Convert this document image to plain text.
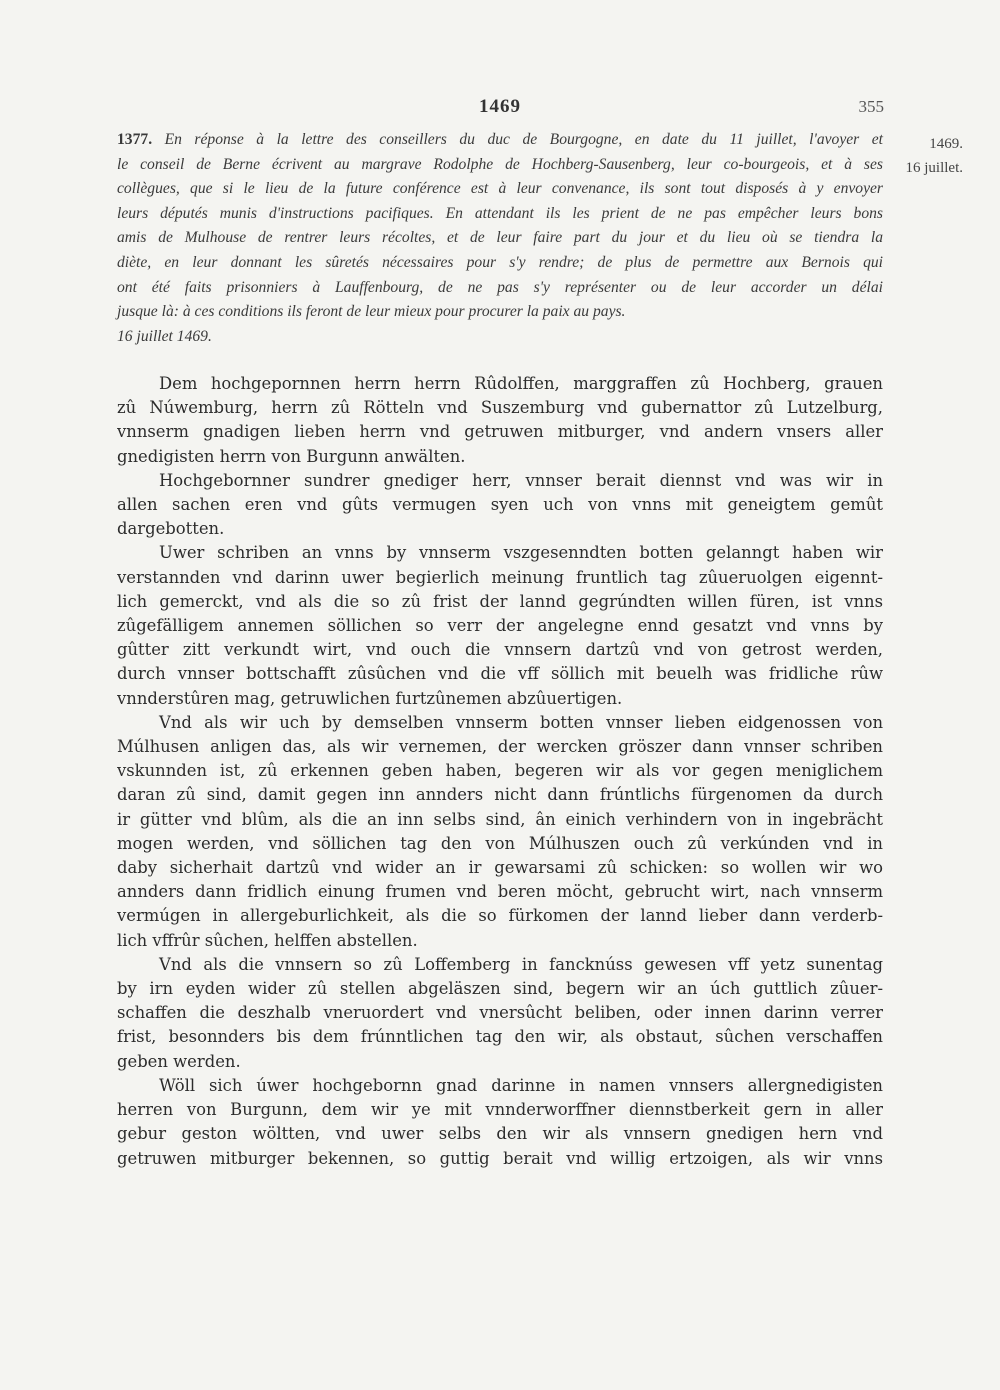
1469	355
1469.
16 juillet.
1377. En réponse à la lettre des conseillers du duc de Bourgogne, en date du 11 juillet, l'avoyer et
le conseil de Berne écrivent au margrave Rodolphe de Hochberg-Sausenberg, leur co-bourgeois, et à ses
collègues, que si le lieu de la future conférence est à leur convenance, ils sont tout disposés à y envoyer
leurs députés munis d'instructions pacifiques. En attendant ils les prient de ne pas empêcher leurs bons
amis de Mulhouse de rentrer leurs récoltes, et de leur faire part du jour et du lieu où se tiendra la
diète, en leur donnant les sûretés nécessaires pour s'y rendre; de plus de permettre aux Bernois qui
ont été faits prisonniers à Lauffenbourg, de ne pas s'y représenter ou de leur accorder un délai
jusque là: à ces conditions ils feront de leur mieux pour procurer la paix au pays.
16 juillet 1469.
Dem hochgepornnen herrn herrn Rûdolffen, marggraffen zû Hochberg, grauen
zû Núwemburg, herrn zû Rötteln vnd Suszemburg vnd gubernattor zû Lutzelburg,
vnnserm gnadigen lieben herrn vnd getruwen mitburger, vnd andern vnsers aller
gnedigisten herrn von Burgunn anwälten.
Hochgebornner sundrer gnediger herr, vnnser berait diennst vnd was wir in
allen sachen eren vnd gûts vermugen syen uch von vnns mit geneigtem gemût
dargebotten.
Uwer schriben an vnns by vnnserm vszgesenndten botten gelanngt haben wir
verstannden vnd darinn uwer begierlich meinung fruntlich tag zûueruolgen eigennt-
lich gemerckt, vnd als die so zû frist der lannd gegrúndten willen füren, ist vnns
zûgefälligem annemen söllichen so verr der angelegne ennd gesatzt vnd vnns by
gûtter zitt verkundt wirt, vnd ouch die vnnsern dartzû vnd von getrost werden,
durch vnnser bottschafft zûsûchen vnd die vff söllich mit beuelh was fridliche rûw
vnnderstûren mag, getruwlichen furtzûnemen abzûuertigen.
Vnd als wir uch by demselben vnnserm botten vnnser lieben eidgenossen von
Múlhusen anligen das, als wir vernemen, der wercken gröszer dann vnnser schriben
vskunnden ist, zû erkennen geben haben, begeren wir als vor gegen meniglichem
daran zû sind, damit gegen inn annders nicht dann frúntlichs fürgenomen da durch
ir gütter vnd blûm, als die an inn selbs sind, ân einich verhindern von in ingebrächt
mogen werden, vnd söllichen tag den von Múlhuszen ouch zû verkúnden vnd in
daby sicherhait dartzû vnd wider an ir gewarsami zû schicken: so wollen wir wo
annders dann fridlich einung frumen vnd beren möcht, gebrucht wirt, nach vnnserm
vermúgen in allergeburlichkeit, als die so fürkomen der lannd lieber dann verderb-
lich vffrûr sûchen, helffen abstellen.
Vnd als die vnnsern so zû Loffemberg in fancknúss gewesen vff yetz sunentag
by irn eyden wider zû stellen abgeläszen sind, begern wir an úch guttlich zûuer-
schaffen die deszhalb vneruordert vnd vnersûcht beliben, oder innen darinn verrer
frist, besonnders bis dem frúnntlichen tag den wir, als obstaut, sûchen verschaffen
geben werden.
Wöll sich úwer hochgebornn gnad darinne in namen vnnsers allergnedigisten
herren von Burgunn, dem wir ye mit vnnderworffner diennstberkeit gern in aller
gebur geston wöltten, vnd uwer selbs den wir als vnnsern gnedigen hern vnd
getruwen mitburger bekennen, so guttig berait vnd willig ertzoigen, als wir vnns
